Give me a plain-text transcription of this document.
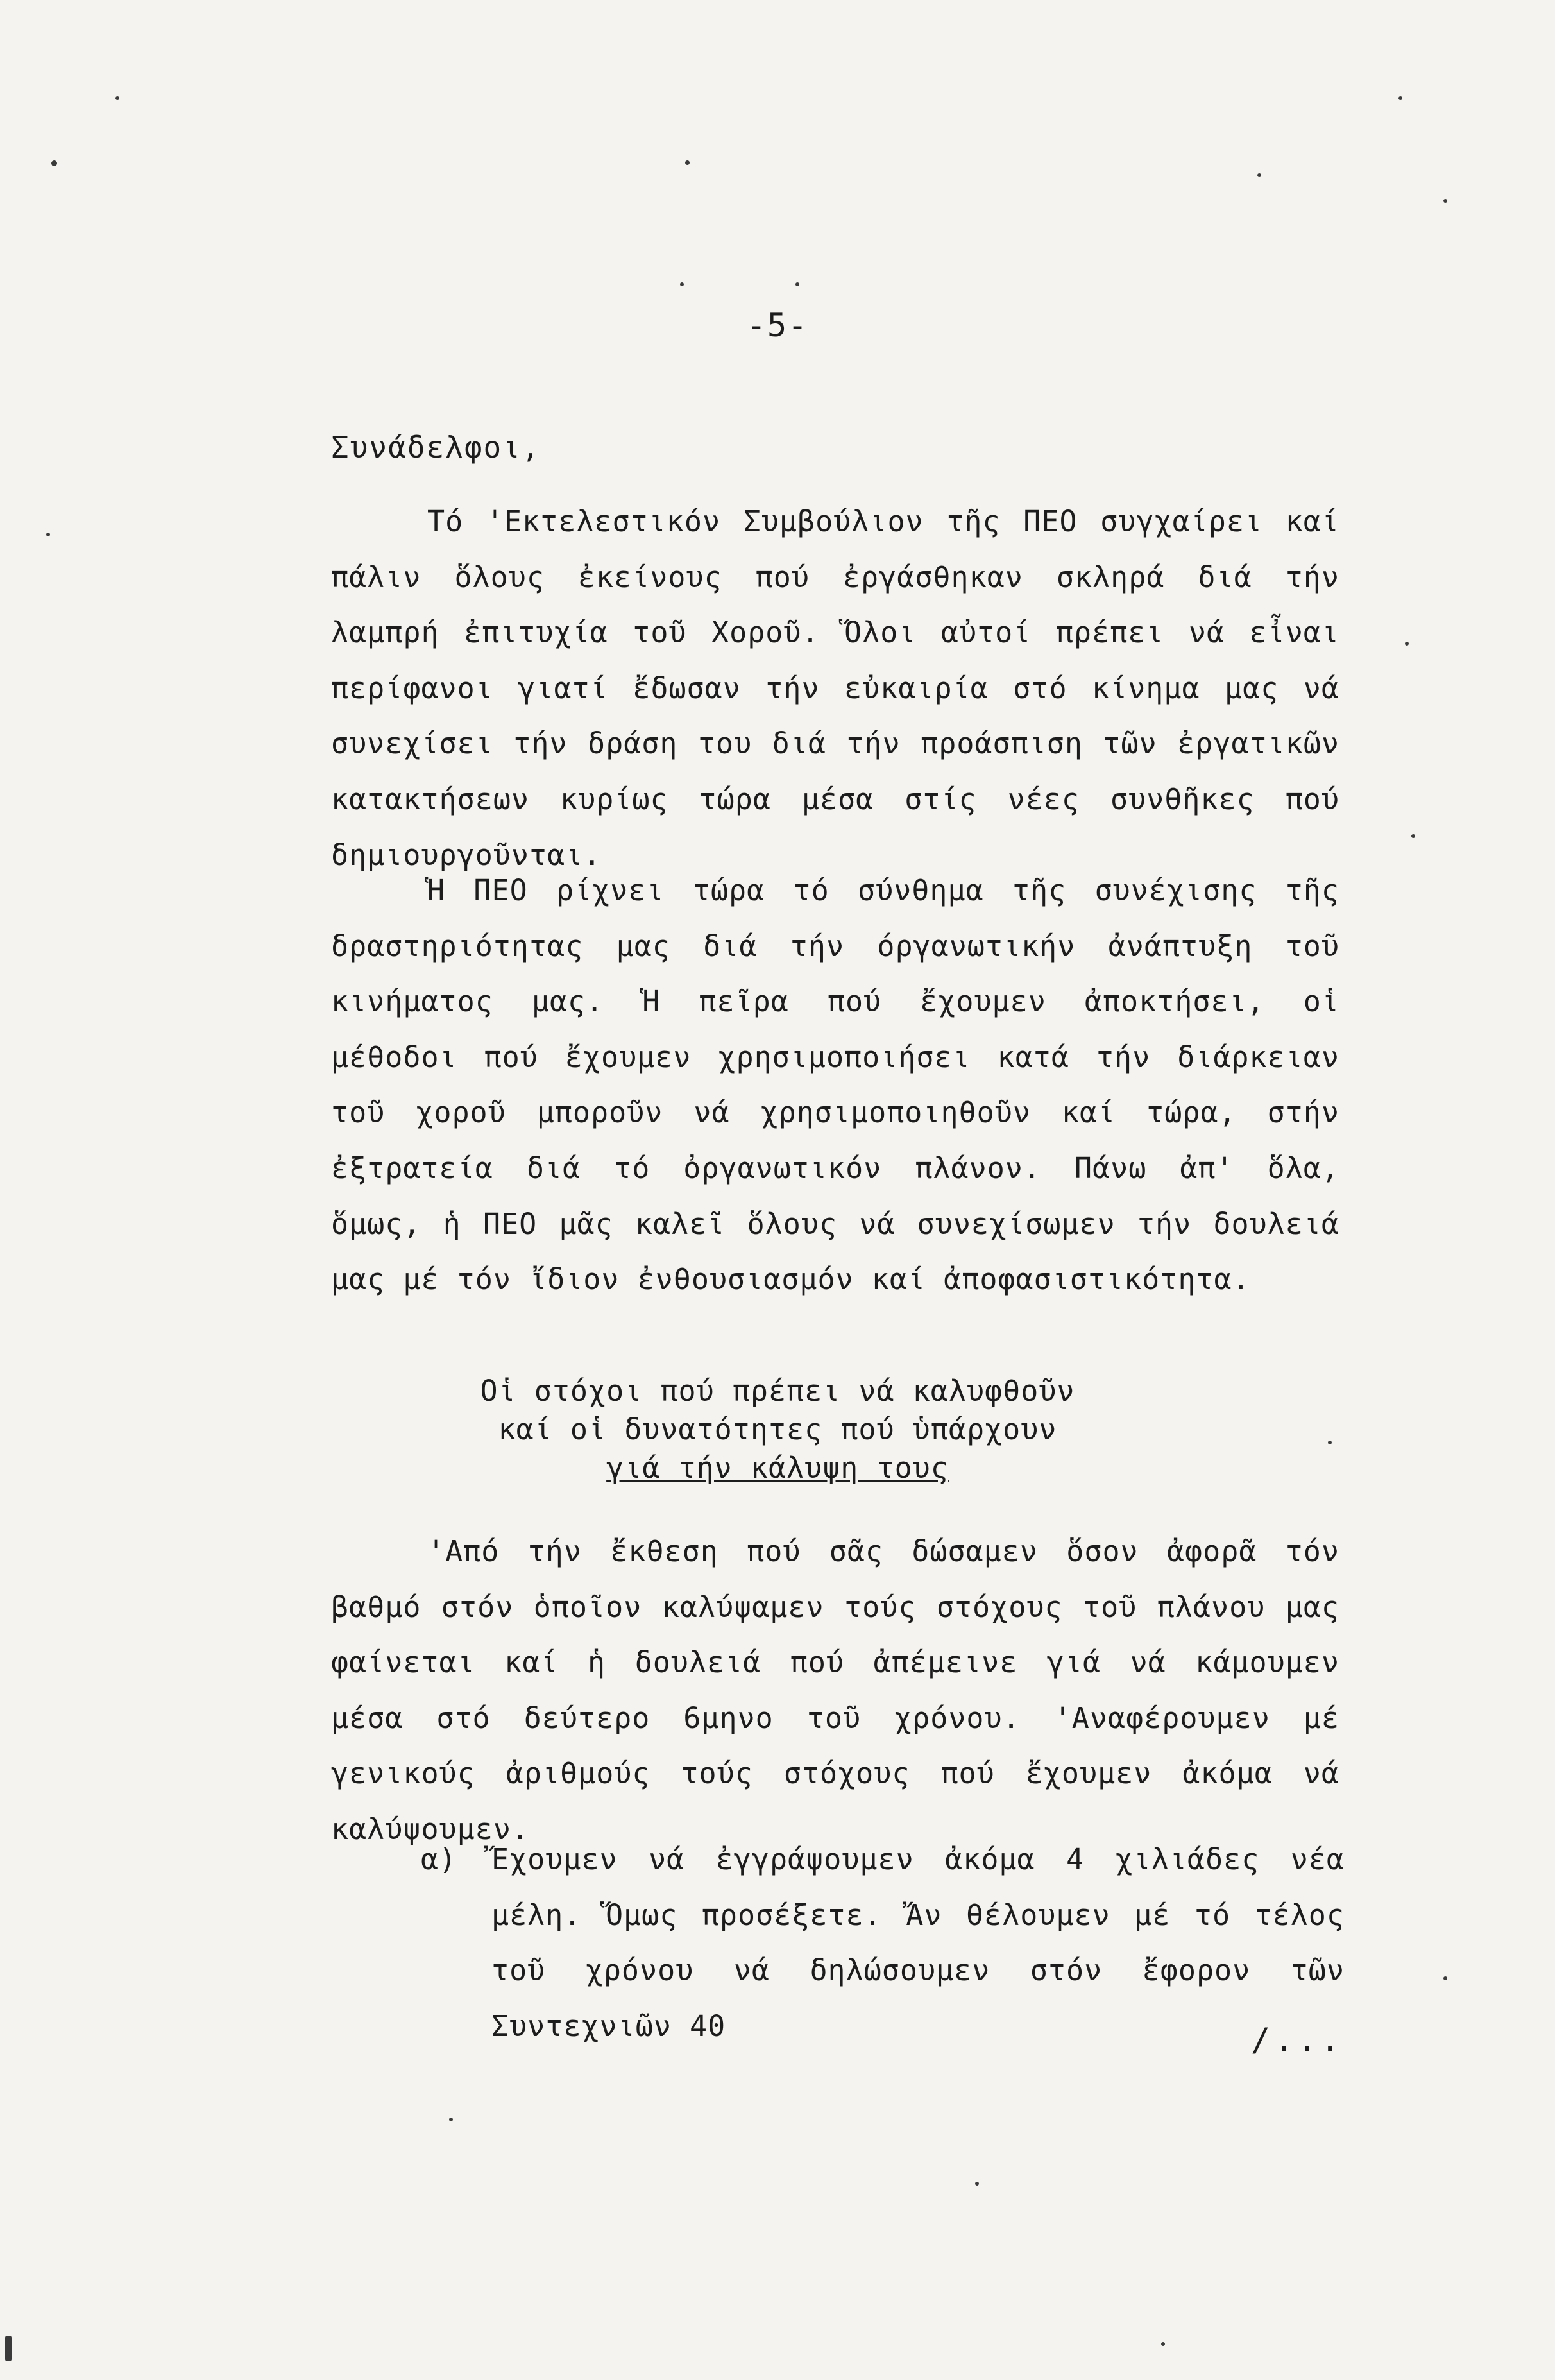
-5-
Συνάδελφοι,

Τό 'Εκτελεστικόν Συμβούλιον τῆς ΠΕΟ συγχαίρει καί πάλιν ὅλους ἐκείνους πού ἐργάσθηκαν σκληρά διά τήν λαμπρή ἐπιτυχία τοῦ Χοροῦ. Ὅλοι αὐτοί πρέπει νά εἶναι περίφανοι γιατί ἔδωσαν τήν εὐκαιρία στό κίνημα μας νά συνεχίσει τήν δράση του διά τήν προάσπιση τῶν ἐργατικῶν κατακτήσεων κυρίως τώρα μέσα στίς νέες συνθῆκες πού δημιουργοῦνται.

Ἡ ΠΕΟ ρίχνει τώρα τό σύνθημα τῆς συνέχισης τῆς δραστηριότητας μας διά τήν όργανωτικήν ἀνάπτυξη τοῦ κινήματος μας. Ἡ πεῖρα πού ἔχουμεν ἀποκτήσει, οἱ μέθοδοι πού ἔχουμεν χρησιμοποιήσει κατά τήν διάρκειαν τοῦ χοροῦ μποροῦν νά χρησιμοποιηθοῦν καί τώρα, στήν ἐξτρατεία διά τό ὀργανωτικόν πλάνον. Πάνω ἀπ' ὅλα, ὅμως, ἡ ΠΕΟ μᾶς καλεῖ ὅλους νά συνεχίσωμεν τήν δουλειά μας μέ τόν ἴδιον ἐνθουσιασμόν καί ἀποφασιστικότητα.

Οἱ στόχοι πού πρέπει νά καλυφθοῦν
καί οἱ δυνατότητες πού ὑπάρχουν
γιά τήν κάλυψη τους

'Από τήν ἔκθεση πού σᾶς δώσαμεν ὅσον ἀφορᾶ τόν βαθμό στόν ὁποῖον καλύψαμεν τούς στόχους τοῦ πλάνου μας φαίνεται καί ἡ δουλειά πού ἀπέμεινε γιά νά κάμουμεν μέσα στό δεύτερο 6μηνο τοῦ χρόνου. 'Αναφέρουμεν μέ γενικούς ἀριθμούς τούς στόχους πού ἔχουμεν ἀκόμα νά καλύψουμεν.

α) Ἔχουμεν νά ἐγγράψουμεν ἀκόμα 4 χιλιάδες νέα μέλη. Ὅμως προσέξετε. Ἄν θέλουμεν μέ τό τέλος τοῦ χρόνου νά δηλώσουμεν στόν ἔφορον τῶν Συντεχνιῶν 40	/...
